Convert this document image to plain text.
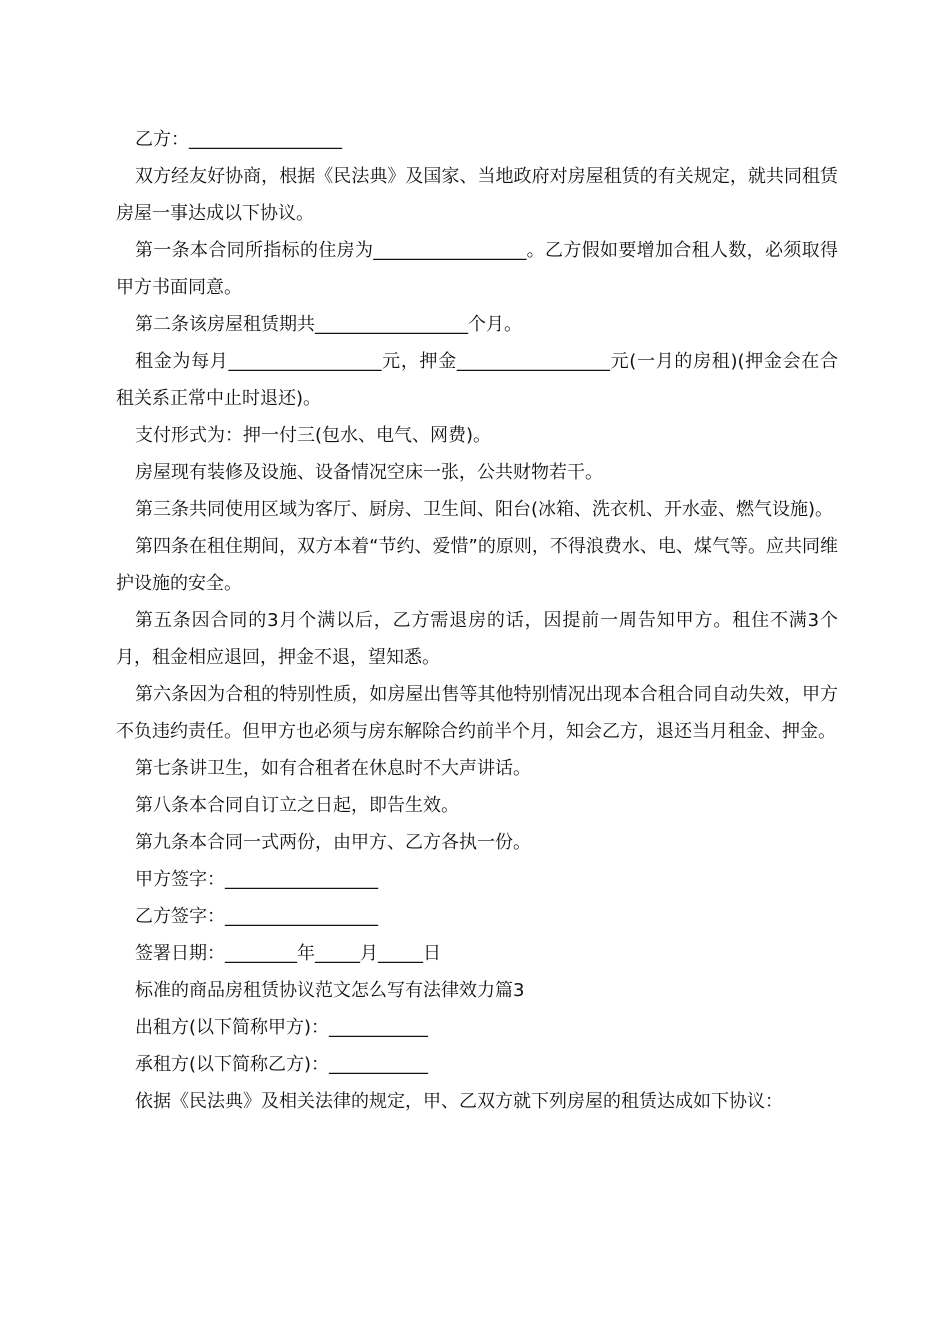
乙方：_________________

双方经友好协商，根据《民法典》及国家、当地政府对房屋租赁的有关规定，就共同租赁房屋一事达成以下协议。

第一条本合同所指标的住房为_________________。乙方假如要增加合租人数，必须取得甲方书面同意。

第二条该房屋租赁期共_________________个月。

租金为每月_________________元，押金_________________元(一月的房租)(押金会在合租关系正常中止时退还)。

支付形式为：押一付三(包水、电气、网费)。

房屋现有装修及设施、设备情况空床一张，公共财物若干。

第三条共同使用区域为客厅、厨房、卫生间、阳台(冰箱、洗衣机、开水壶、燃气设施)。

第四条在租住期间，双方本着“节约、爱惜”的原则，不得浪费水、电、煤气等。应共同维护设施的安全。

第五条因合同的3月个满以后，乙方需退房的话，因提前一周告知甲方。租住不满3个月，租金相应退回，押金不退，望知悉。

第六条因为合租的特别性质，如房屋出售等其他特别情况出现本合租合同自动失效，甲方不负违约责任。但甲方也必须与房东解除合约前半个月，知会乙方，退还当月租金、押金。

第七条讲卫生，如有合租者在休息时不大声讲话。

第八条本合同自订立之日起，即告生效。

第九条本合同一式两份，由甲方、乙方各执一份。

甲方签字：_________________

乙方签字：_________________

签署日期：________年_____月_____日

标准的商品房租赁协议范文怎么写有法律效力篇3

出租方(以下简称甲方)：___________

承租方(以下简称乙方)：___________

依据《民法典》及相关法律的规定，甲、乙双方就下列房屋的租赁达成如下协议：
